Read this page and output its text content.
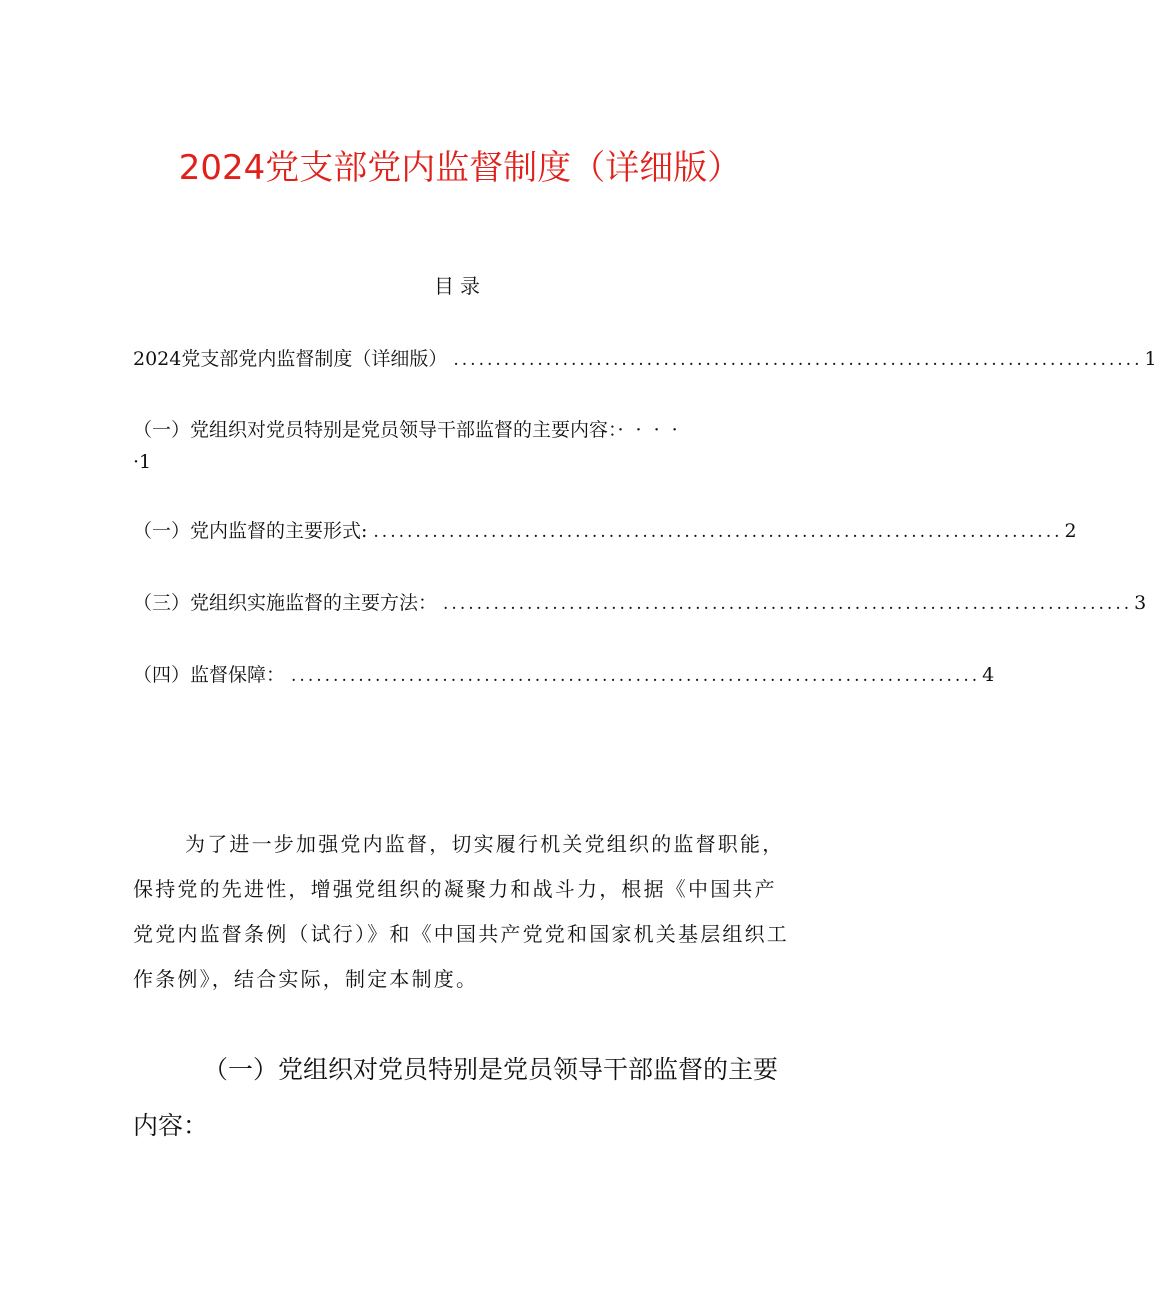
2024党支部党内监督制度（详细版）
目录
2024党支部党内监督制度（详细版） .................................................................................. 1
（一）党组织对党员特别是党员领导干部监督的主要内容：····
·1
（一）党内监督的主要形式: .................................................................................. 2
（三）党组织实施监督的主要方法： .................................................................................. 3
（四）监督保障： .................................................................................. 4

为了进一步加强党内监督，切实履行机关党组织的监督职能，保持党的先进性，增强党组织的凝聚力和战斗力，根据《中国共产党党内监督条例（试行）》和《中国共产党党和国家机关基层组织工作条例》，结合实际，制定本制度。

（一）党组织对党员特别是党员领导干部监督的主要内容：
